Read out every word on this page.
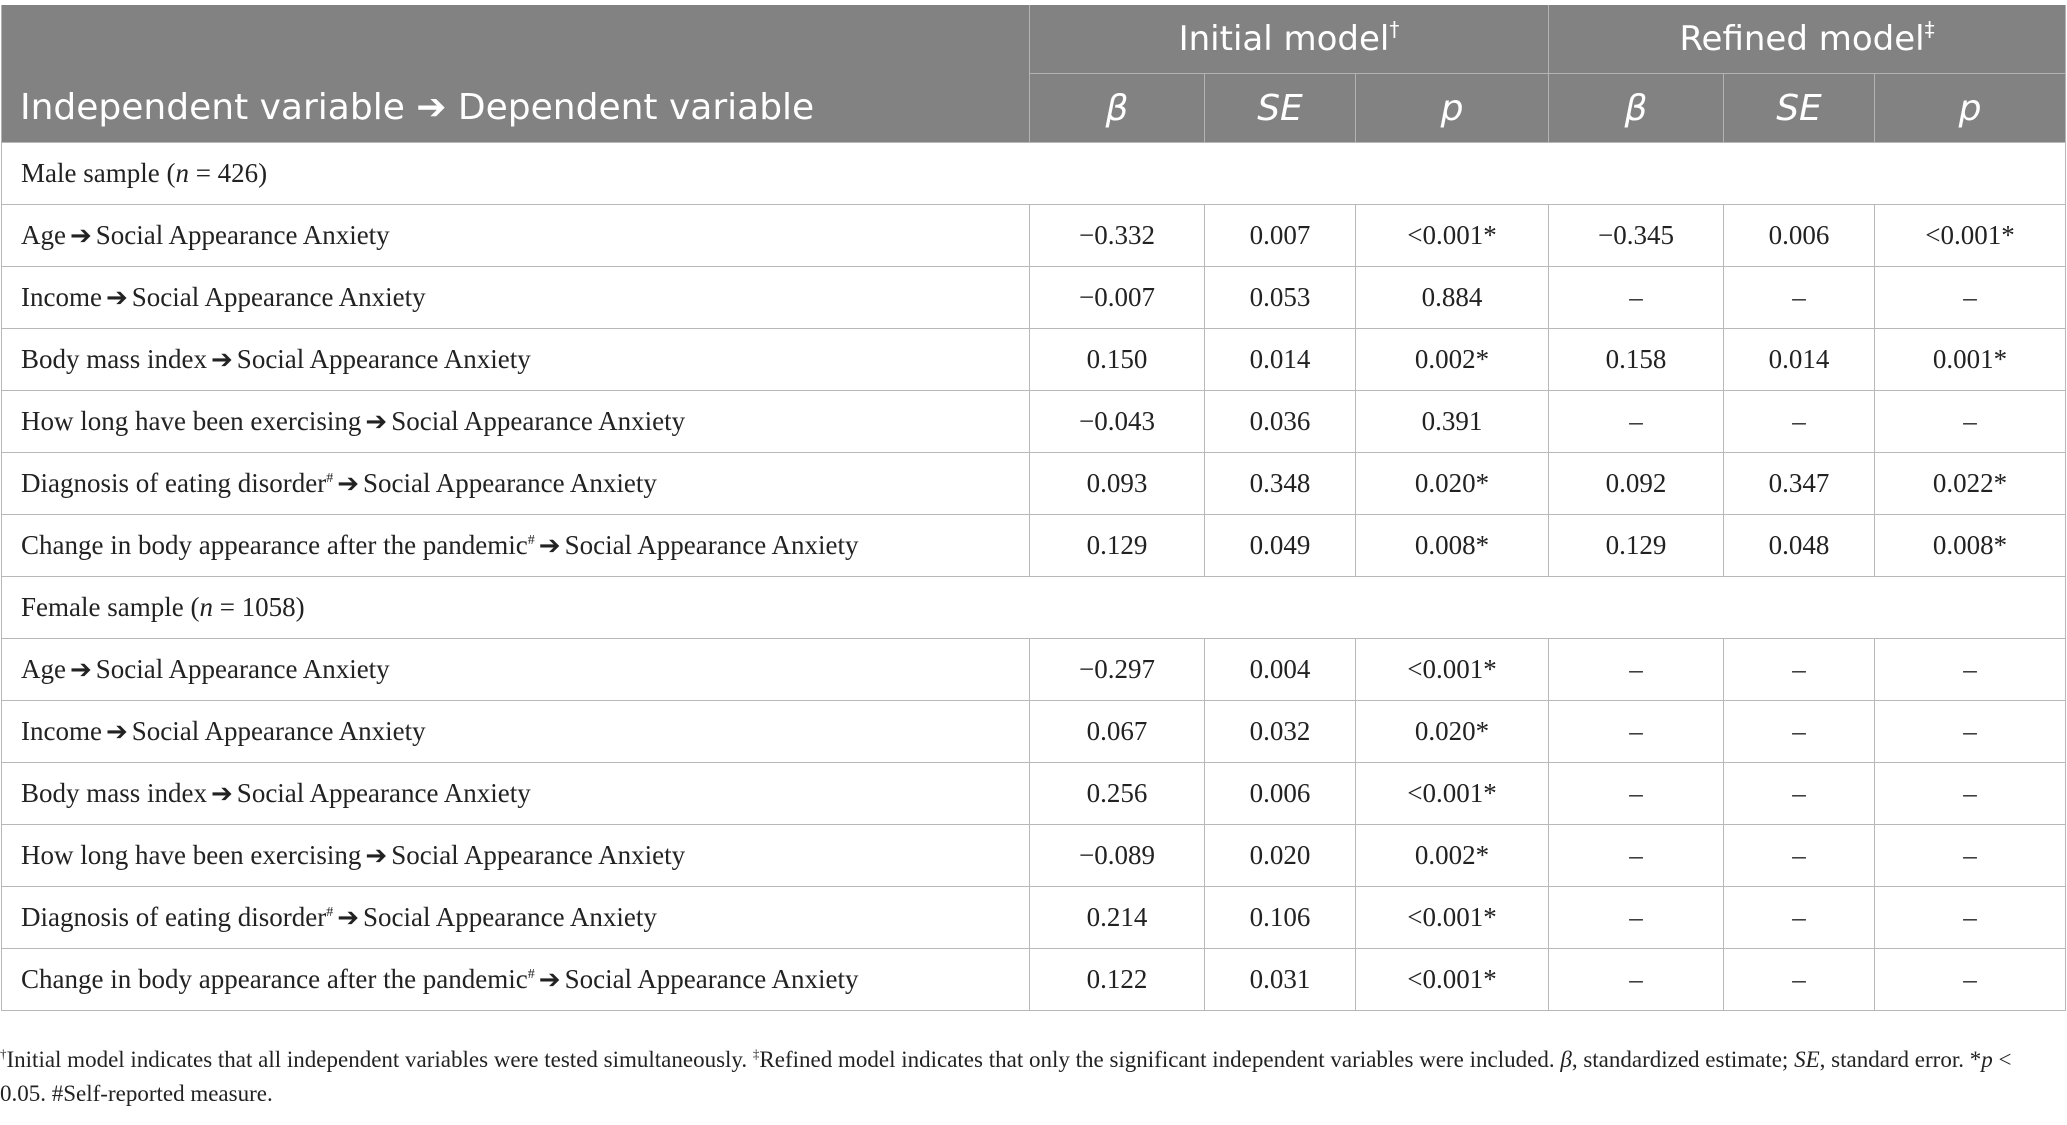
	Initial model†			Refined model‡
Independent variable ➔ Dependent variable	β	SE	p	β	SE	p
Male sample (n = 426)						
Age ➔ Social Appearance Anxiety	−0.332	0.007	<0.001*	−0.345	0.006	<0.001*
Income ➔ Social Appearance Anxiety	−0.007	0.053	0.884	–	–	–
Body mass index ➔ Social Appearance Anxiety	0.150	0.014	0.002*	0.158	0.014	0.001*
How long have been exercising ➔ Social Appearance Anxiety	−0.043	0.036	0.391	–	–	–
Diagnosis of eating disorder# ➔ Social Appearance Anxiety	0.093	0.348	0.020*	0.092	0.347	0.022*
Change in body appearance after the pandemic# ➔ Social Appearance Anxiety	0.129	0.049	0.008*	0.129	0.048	0.008*
Female sample (n = 1058)						
Age ➔ Social Appearance Anxiety	−0.297	0.004	<0.001*	–	–	–
Income ➔ Social Appearance Anxiety	0.067	0.032	0.020*	–	–	–
Body mass index ➔ Social Appearance Anxiety	0.256	0.006	<0.001*	–	–	–
How long have been exercising ➔ Social Appearance Anxiety	−0.089	0.020	0.002*	–	–	–
Diagnosis of eating disorder# ➔ Social Appearance Anxiety	0.214	0.106	<0.001*	–	–	–
Change in body appearance after the pandemic# ➔ Social Appearance Anxiety	0.122	0.031	<0.001*	–	–	–
†Initial model indicates that all independent variables were tested simultaneously. ‡Refined model indicates that only the significant independent variables were included. β, standardized estimate; SE, standard error. *p < 0.05. #Self-reported measure.
